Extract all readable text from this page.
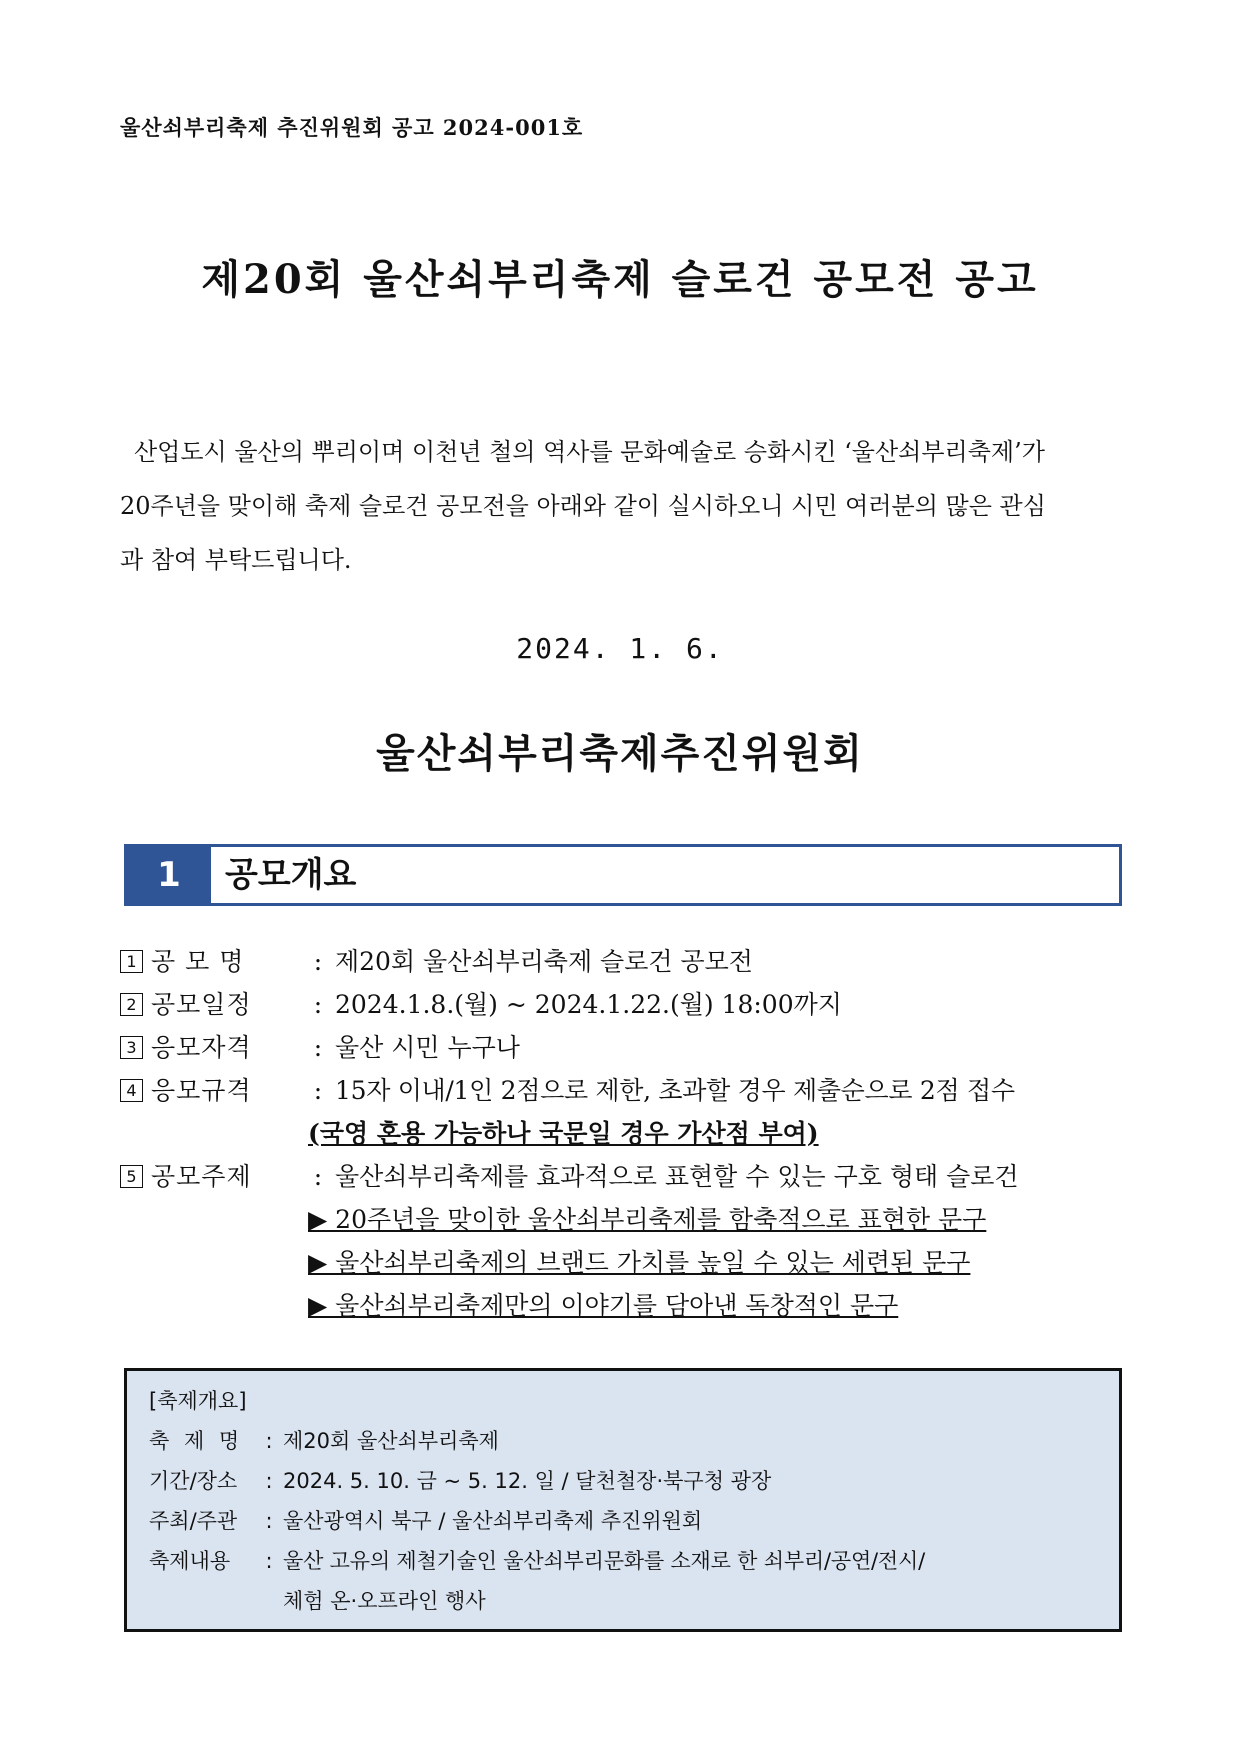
울산쇠부리축제 추진위원회 공고 2024-001호
제20회 울산쇠부리축제 슬로건 공모전 공고
산업도시 울산의 뿌리이며 이천년 철의 역사를 문화예술로 승화시킨 ‘울산쇠부리축제’가
20주년을 맞이해 축제 슬로건 공모전을 아래와 같이 실시하오니 시민 여러분의 많은 관심
과 참여 부탁드립니다.
2024. 1. 6.
울산쇠부리축제추진위원회
1	공모개요
1 공 모 명	: 제20회 울산쇠부리축제 슬로건 공모전
2 공모일정 : 2024.1.8.(월) ~ 2024.1.22.(월) 18:00까지
3 응모자격 : 울산 시민 누구나
4 응모규격 : 15자 이내/1인 2점으로 제한, 초과할 경우 제출순으로 2점 접수
(국영 혼용 가능하나 국문일 경우 가산점 부여)
5 공모주제 : 울산쇠부리축제를 효과적으로 표현할 수 있는 구호 형태 슬로건
▶ 20주년을 맞이한 울산쇠부리축제를 함축적으로 표현한 문구
▶ 울산쇠부리축제의 브랜드 가치를 높일 수 있는 세련된 문구
▶ 울산쇠부리축제만의 이야기를 담아낸 독창적인 문구
[축제개요]
축 제 명 : 제20회 울산쇠부리축제
기간/장소 : 2024. 5. 10. 금 ~ 5. 12. 일 / 달천철장·북구청 광장
주최/주관 : 울산광역시 북구 / 울산쇠부리축제 추진위원회
축제내용 : 울산 고유의 제철기술인 울산쇠부리문화를 소재로 한 쇠부리/공연/전시/
체험 온·오프라인 행사
